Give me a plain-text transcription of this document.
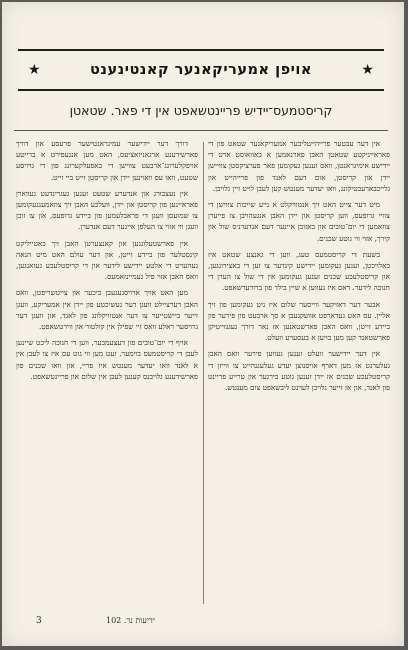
★	אויפן אמעריקאנער קאנטינענט	★
קריסטמעס־יידיש פריינטשאפט אין די פאר. שטאטן

אין דער עכטער פרייהייטליבער אמעריקאנער שטאט פון די פאראייניקטע שטאטן האבן פארנאמען א באוואוסט ארט די יידישע אימיגראנטן, וואס זענען געקומען פאר פערציקסטן צוויישן יידן און קריסטן, אום דעם לאנד פון פרייהייט און גלייכבארעכטיקונג, וואו יעדער מענטש קען לעבן לויט זיין גלויבן.

מיט דער צייט האט זיך אנטוויקלט א נייע שייכות צווישן די צוויי גרופעס, ווען קריסטן און יידן האבן אנגעהויבן צו פייערן צוזאמען די יום־טובים און באזוכן איינער דעם אנדערנ׳ס שול און קירך, אזוי ווי גוטע שכנים.

בשעת די קריסטמעס טעג, ווען די גאנצע שטאט איז באלויכטן, זענען געקומען יידישע קינדער צו זען די באצירונגען, און קריסטלעכע שכנים זענען געקומען אין די שול צו הערן די חנוכה לידער. דאס איז געווען א שיין בילד פון ברודערשאפט.

אבער דער דאזיקער ווייסער שלום איז ניט געקומען פון זיך אליין. עס האט געדארפט אוועקגעבן א סך ארבעט פון פירער פון ביידע זייטן, וואס האבן פארשטאנען אז נאר דורך געגנזייטיקן פארשטאנד קען מען בויען א בעסערע וועלט.

אין דער יידישער וועלט זענען געווען פירער וואס האבן געלערנט אז מען דארף אויסנוצן יעדע געלעגנהייט צו ווייזן די קריסטלעכע שכנים אז יידן זענען גוטע בירגער און טרייע פריינט פון לאנד, און אז זייער גלויבן לערנט ליבשאפט צום מענטש.

דורך דער יידישער עמיגראנטישער פרעסע און דורך פארשידענע ארגאניזאציעס, האט מען אנגעפירט א ברייטע אויפקלערונג־ארבעט צווישן די באפעלקערונג פון די גרויסע שטעט, וואו עס וואוינען יידן און קריסטן זייט ביי זייט.

אין נעצבורג און אנדערע שטעט זענען געגרינדעט געווארן פאראיינען פון קריסטן און יידן, וועלכע האבן זיך צוזאמענגעקומען צו שמועסן וועגן די פראבלעמען פון ביידע גרופעס, און צו זוכן וועגן ווי אזוי צו העלפן איינער דעם אנדערן.

אין פארשטעלונגען און קאנצערטן האבן זיך באטייליקט קינסטלער פון ביידע זייטן, און דער עולם האט מיט הנאה געהערט די אלטע יידישע לידער און די קריסטלעכע געזאנגען, וואס האבן אזוי פיל געמיינזאמעס.

מען האט אויך ארויסגעגעבן ביכער און צייטשריפטן, וואס האבן דערציילט וועגן דער געשיכטע פון יידן אין אמעריקע, וועגן זייער ביישטייער צו דער אנטוויקלונג פון לאנד, און וועגן דער גרויסער ראלע וואס זיי שפילן אין קולטור און ווירטשאפט.

אויף די יום־טובים פון דעצעמבער, ווען די חנוכה ליכט שיינען לעבן די קריסטמעס בוימער, זעט מען ווי גוט עס איז צו לעבן אין א לאנד וואו יעדער מענטש איז פריי, און וואו שכנים פון פארשידענע גלויבנס קענען לעבן אין שלום און פריינטשאפט.

3	ידיעות נר. 102
